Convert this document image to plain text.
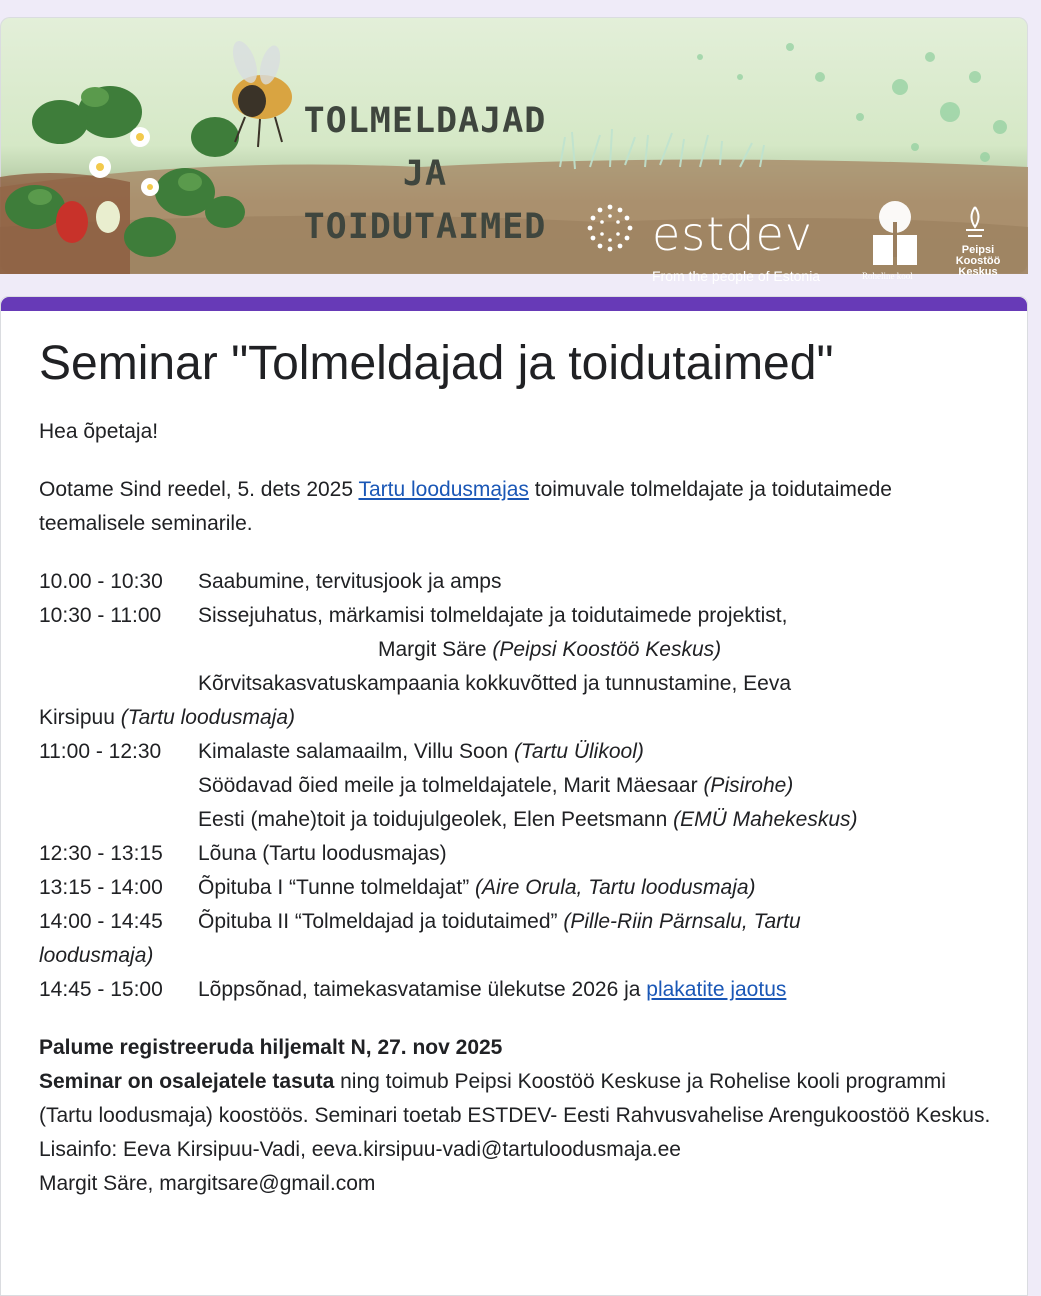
TOLMELDAJAD
JA
TOIDUTAIMED	estdev
From the people of Estonia	Roheline kool
Peipsi
Koostöö
Keskus
Seminar "Tolmeldajad ja toidutaimed"

Hea õpetaja!

Ootame Sind reedel, 5. dets 2025 Tartu loodusmajas toimuvale tolmeldajate ja toidutaimede teemalisele seminarile.

10.00 - 10:30	Saabumine, tervitusjook ja amps
10:30 - 11:00	Sissejuhatus, märkamisi tolmeldajate ja toidutaimede projektist,
Margit Säre (Peipsi Koostöö Keskus)
Kõrvitsakasvatuskampaania kokkuvõtted ja tunnustamine, Eeva
Kirsipuu (Tartu loodusmaja)
11:00 - 12:30	Kimalaste salamaailm, Villu Soon (Tartu Ülikool)
Söödavad õied meile ja tolmeldajatele, Marit Mäesaar (Pisirohe)
Eesti (mahe)toit ja toidujulgeolek, Elen Peetsmann (EMÜ Mahekeskus)
12:30 - 13:15	Lõuna (Tartu loodusmajas)
13:15 - 14:00	Õpituba I “Tunne tolmeldajat” (Aire Orula, Tartu loodusmaja)
14:00 - 14:45	Õpituba II “Tolmeldajad ja toidutaimed” (Pille-Riin Pärnsalu, Tartu
loodusmaja)
14:45 - 15:00	Lõppsõnad, taimekasvatamise ülekutse 2026 ja plakatite jaotus

Palume registreeruda hiljemalt N, 27. nov 2025

Seminar on osalejatele tasuta ning toimub Peipsi Koostöö Keskuse ja Rohelise kooli programmi (Tartu loodusmaja) koostöös. Seminari toetab ESTDEV- Eesti Rahvusvahelise Arengukoostöö Keskus.

Lisainfo: Eeva Kirsipuu-Vadi, eeva.kirsipuu-vadi@tartuloodusmaja.ee

Margit Säre, margitsare@gmail.com
